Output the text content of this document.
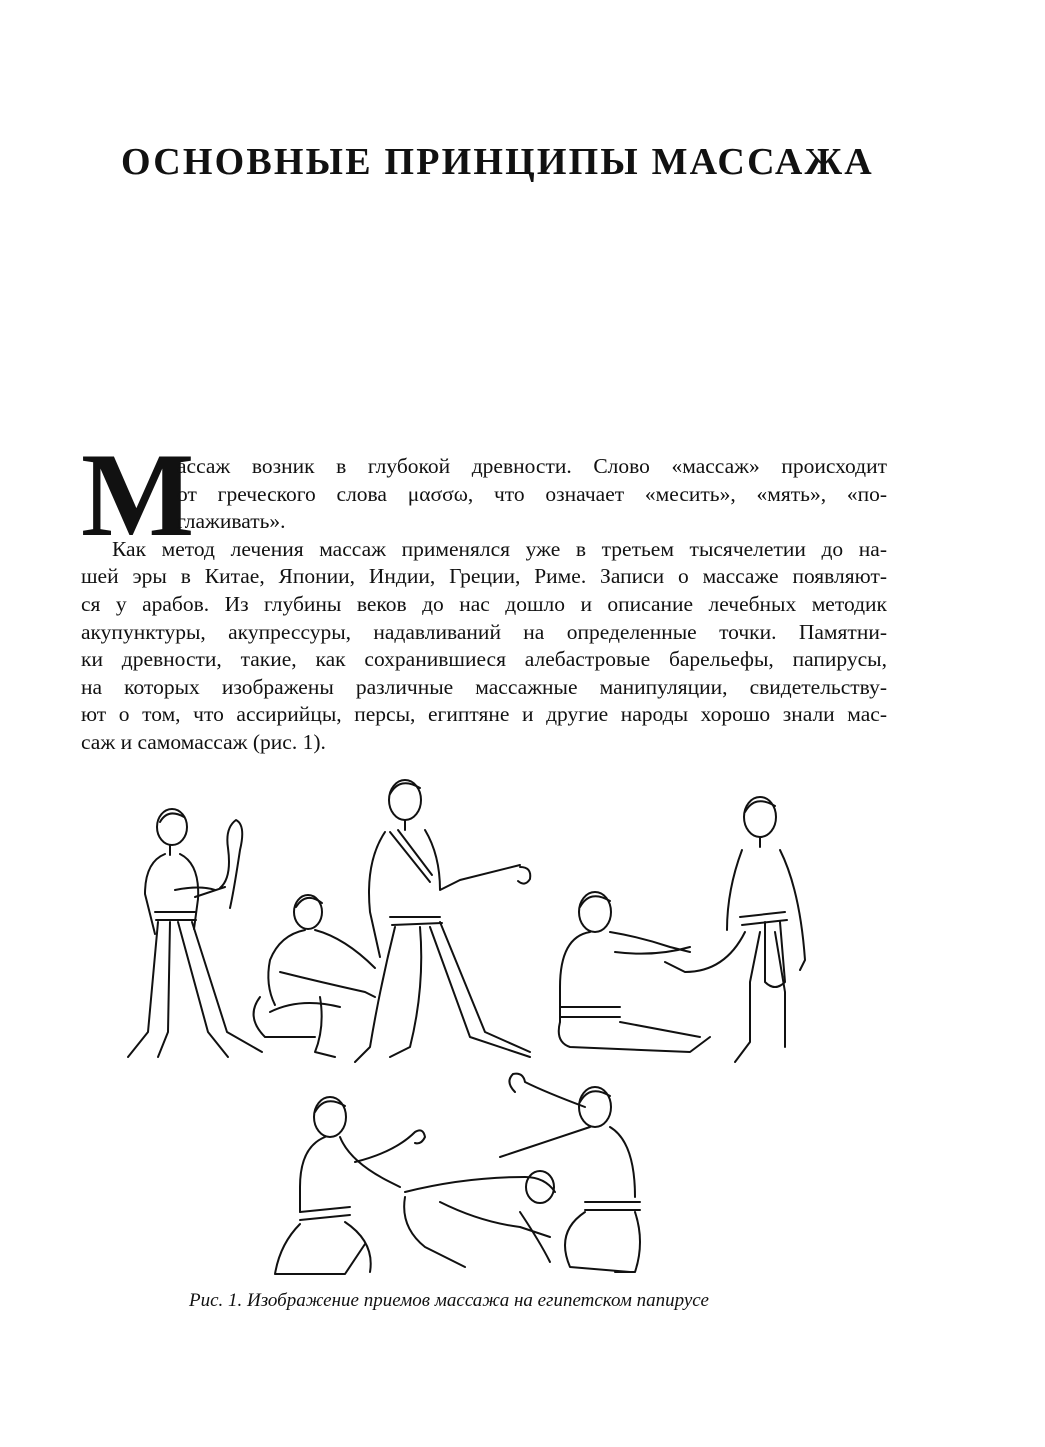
ОСНОВНЫЕ ПРИНЦИПЫ МАССАЖА
М
ассаж возник в глубокой древности. Слово «массаж» происходит
от греческого слова μασσω, что означает «месить», «мять», «по-
глаживать».
Как метод лечения массаж применялся уже в третьем тысячелетии до на-
шей эры в Китае, Японии, Индии, Греции, Риме. Записи о массаже появляют-
ся у арабов. Из глубины веков до нас дошло и описание лечебных методик
акупунктуры, акупрессуры, надавливаний на определенные точки. Памятни-
ки древности, такие, как сохранившиеся алебастровые барельефы, папирусы,
на которых изображены различные массажные манипуляции, свидетельству-
ют о том, что ассирийцы, персы, египтяне и другие народы хорошо знали мас-
саж и самомассаж (рис. 1).
Рис. 1. Изображение приемов массажа на египетском папирусе
